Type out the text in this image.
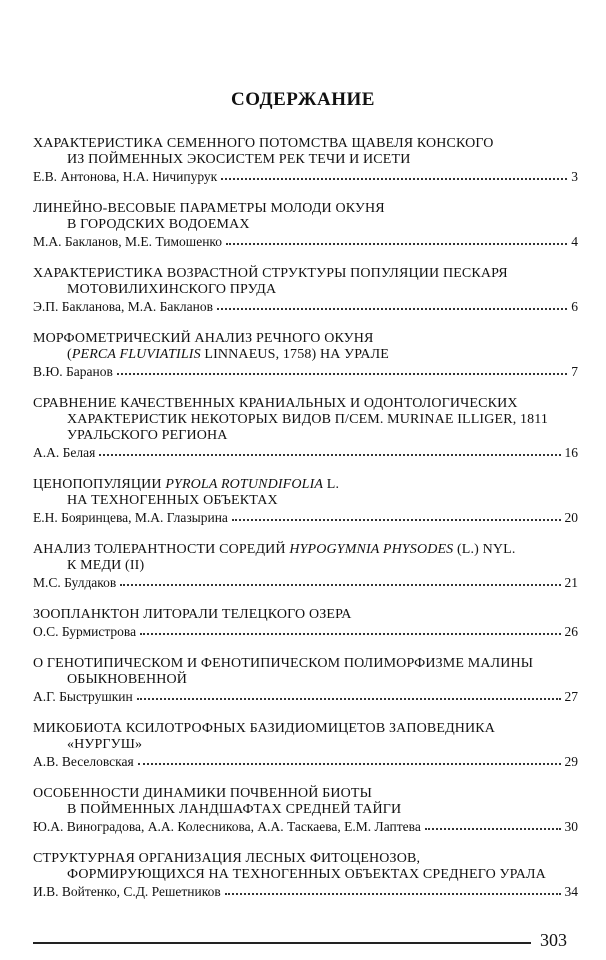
СОДЕРЖАНИЕ
ХАРАКТЕРИСТИКА СЕМЕННОГО ПОТОМСТВА ЩАВЕЛЯ КОНСКОГО
ИЗ ПОЙМЕННЫХ ЭКОСИСТЕМ РЕК ТЕЧИ И ИСЕТИ
Е.В. Антонова, Н.А. Ничипурук	3
ЛИНЕЙНО-ВЕСОВЫЕ ПАРАМЕТРЫ МОЛОДИ ОКУНЯ
В ГОРОДСКИХ ВОДОЕМАХ
М.А. Бакланов, М.Е. Тимошенко	4
ХАРАКТЕРИСТИКА ВОЗРАСТНОЙ СТРУКТУРЫ ПОПУЛЯЦИИ ПЕСКАРЯ
МОТОВИЛИХИНСКОГО ПРУДА
Э.П. Бакланова, М.А. Бакланов	6
МОРФОМЕТРИЧЕСКИЙ АНАЛИЗ РЕЧНОГО ОКУНЯ
(PERCA FLUVIATILIS LINNAEUS, 1758) НА УРАЛЕ
В.Ю. Баранов	7
СРАВНЕНИЕ КАЧЕСТВЕННЫХ КРАНИАЛЬНЫХ И ОДОНТОЛОГИЧЕСКИХ
ХАРАКТЕРИСТИК НЕКОТОРЫХ ВИДОВ П/СЕМ. MURINAE ILLIGER, 1811
УРАЛЬСКОГО РЕГИОНА
А.А. Белая	16
ЦЕНОПОПУЛЯЦИИ PYROLA ROTUNDIFOLIA L.
НА ТЕХНОГЕННЫХ ОБЪЕКТАХ
Е.Н. Бояринцева, М.А. Глазырина	20
АНАЛИЗ ТОЛЕРАНТНОСТИ СОРЕДИЙ HYPOGYMNIA PHYSODES (L.) NYL.
К МЕДИ (II)
М.С. Булдаков	21
ЗООПЛАНКТОН ЛИТОРАЛИ ТЕЛЕЦКОГО ОЗЕРА
О.С. Бурмистрова	26
О ГЕНОТИПИЧЕСКОМ И ФЕНОТИПИЧЕСКОМ ПОЛИМОРФИЗМЕ МАЛИНЫ
ОБЫКНОВЕННОЙ
А.Г. Быструшкин	27
МИКОБИОТА КСИЛОТРОФНЫХ БАЗИДИОМИЦЕТОВ ЗАПОВЕДНИКА
«НУРГУШ»
А.В. Веселовская	29
ОСОБЕННОСТИ ДИНАМИКИ ПОЧВЕННОЙ БИОТЫ
В ПОЙМЕННЫХ ЛАНДШАФТАХ СРЕДНЕЙ ТАЙГИ
Ю.А. Виноградова, А.А. Колесникова, А.А. Таскаева, Е.М. Лаптева	30
СТРУКТУРНАЯ ОРГАНИЗАЦИЯ ЛЕСНЫХ ФИТОЦЕНОЗОВ,
ФОРМИРУЮЩИХСЯ НА ТЕХНОГЕННЫХ ОБЪЕКТАХ СРЕДНЕГО УРАЛА
И.В. Войтенко, С.Д. Решетников	34
303
